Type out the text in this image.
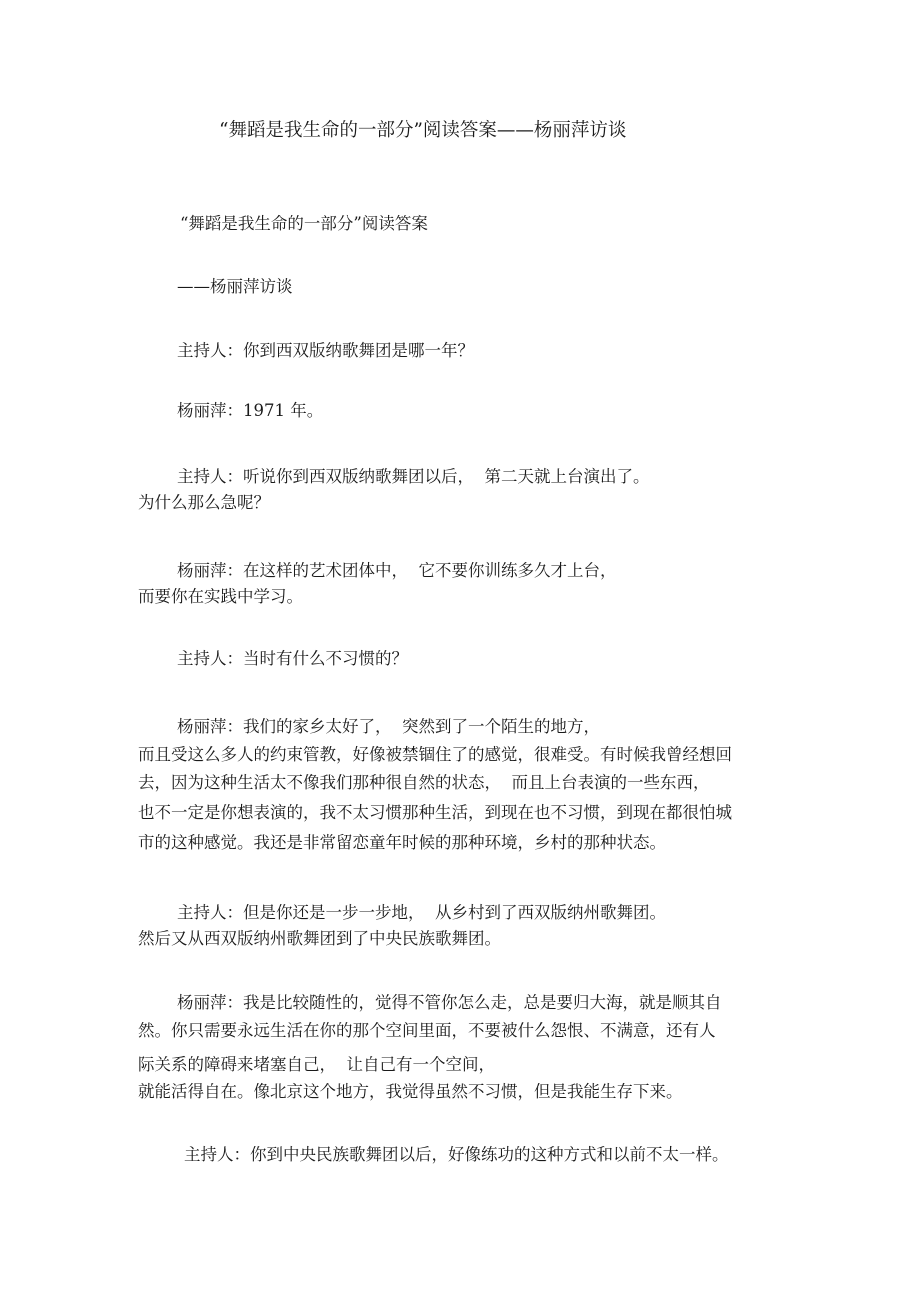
“舞蹈是我生命的一部分”阅读答案——杨丽萍访谈
“舞蹈是我生命的一部分”阅读答案
——杨丽萍访谈
主持人：你到西双版纳歌舞团是哪一年？
杨丽萍：1971 年。
主持人：听说你到西双版纳歌舞团以后，  第二天就上台演出了。
为什么那么急呢？
杨丽萍：在这样的艺术团体中，  它不要你训练多久才上台，
而要你在实践中学习。
主持人：当时有什么不习惯的？
杨丽萍：我们的家乡太好了，  突然到了一个陌生的地方，
而且受这么多人的约束管教，好像被禁锢住了的感觉，很难受。有时候我曾经想回
去，因为这种生活太不像我们那种很自然的状态，  而且上台表演的一些东西，
也不一定是你想表演的，我不太习惯那种生活，到现在也不习惯，到现在都很怕城
市的这种感觉。我还是非常留恋童年时候的那种环境，乡村的那种状态。
主持人：但是你还是一步一步地，  从乡村到了西双版纳州歌舞团。
然后又从西双版纳州歌舞团到了中央民族歌舞团。
杨丽萍：我是比较随性的，觉得不管你怎么走，总是要归大海，就是顺其自
然。你只需要永远生活在你的那个空间里面，不要被什么怨恨、不满意，还有人
际关系的障碍来堵塞自己，  让自己有一个空间，
就能活得自在。像北京这个地方，我觉得虽然不习惯，但是我能生存下来。
主持人：你到中央民族歌舞团以后，好像练功的这种方式和以前不太一样。
